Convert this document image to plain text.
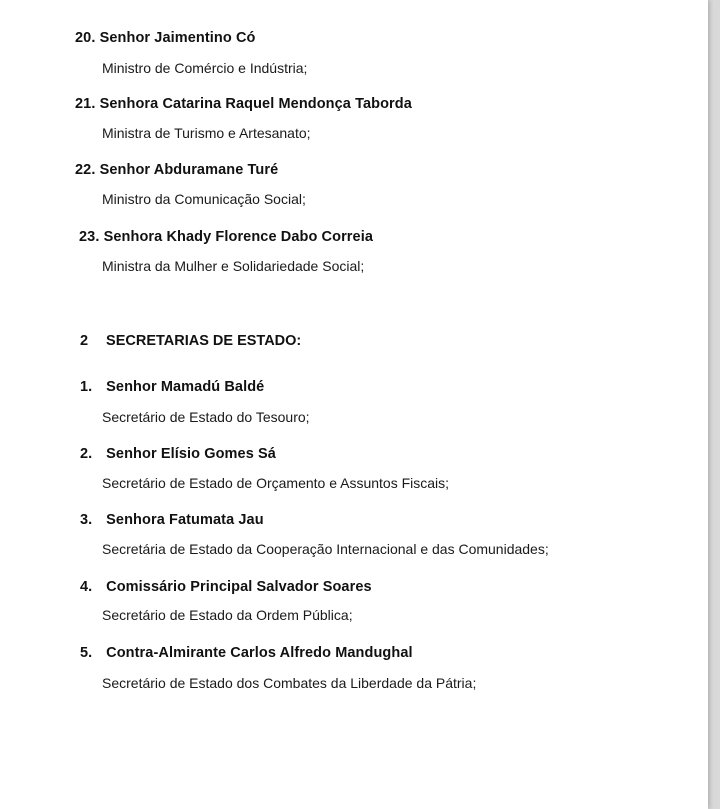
20. Senhor Jaimentino Có
Ministro de Comércio e Indústria;
21. Senhora Catarina Raquel Mendonça Taborda
Ministra de Turismo e Artesanato;
22. Senhor Abduramane Turé
Ministro da Comunicação Social;
23. Senhora Khady Florence Dabo Correia
Ministra da Mulher e Solidariedade Social;
2 SECRETARIAS DE ESTADO:
1. Senhor Mamadú Baldé
Secretário de Estado do Tesouro;
2. Senhor Elísio Gomes Sá
Secretário de Estado de Orçamento e Assuntos Fiscais;
3. Senhora Fatumata Jau
Secretária de Estado da Cooperação Internacional e das Comunidades;
4. Comissário Principal Salvador Soares
Secretário de Estado da Ordem Pública;
5. Contra-Almirante Carlos Alfredo Mandughal
Secretário de Estado dos Combates da Liberdade da Pátria;
